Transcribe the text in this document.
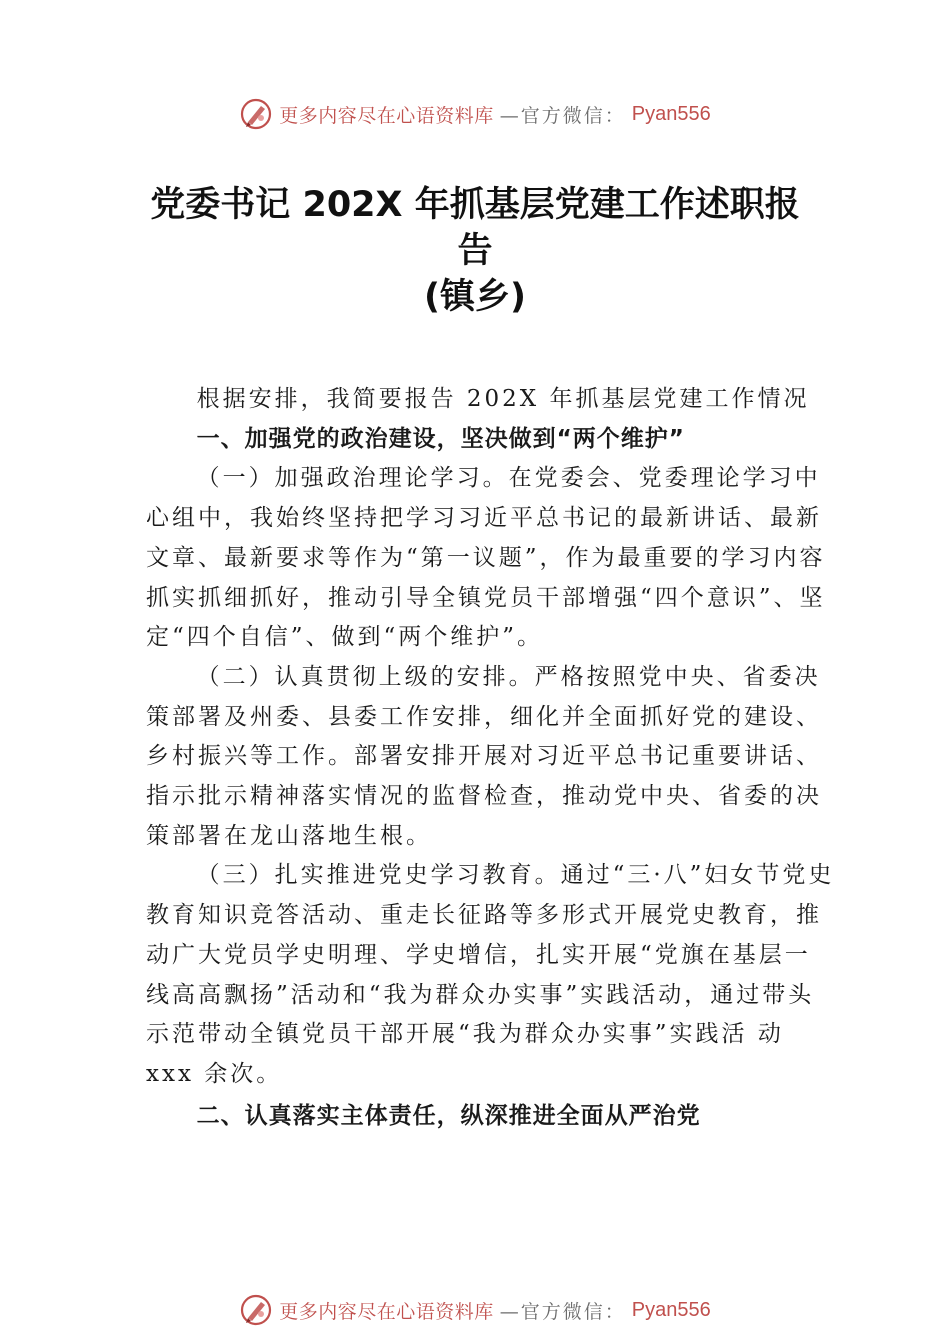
更多内容尽在心语资料库 —官方微信： Pyan556
党委书记 202X 年抓基层党建工作述职报
告
(镇乡)

根据安排，我简要报告 202X 年抓基层党建工作情况

一、加强党的政治建设，坚决做到“两个维护”

（一）加强政治理论学习。在党委会、党委理论学习中心组中，我始终坚持把学习习近平总书记的最新讲话、最新文章、最新要求等作为“第一议题”，作为最重要的学习内容抓实抓细抓好，推动引导全镇党员干部增强“四个意识”、坚定“四个自信”、做到“两个维护”。

（二）认真贯彻上级的安排。严格按照党中央、省委决策部署及州委、县委工作安排，细化并全面抓好党的建设、乡村振兴等工作。部署安排开展对习近平总书记重要讲话、指示批示精神落实情况的监督检查，推动党中央、省委的决策部署在龙山落地生根。

（三）扎实推进党史学习教育。通过“三·八”妇女节党史教育知识竞答活动、重走长征路等多形式开展党史教育，推动广大党员学史明理、学史增信，扎实开展“党旗在基层一线高高飘扬”活动和“我为群众办实事”实践活动，通过带头示范带动全镇党员干部开展“我为群众办实事”实践活 动 xxx 余次。

二、认真落实主体责任，纵深推进全面从严治党
更多内容尽在心语资料库 —官方微信： Pyan556
